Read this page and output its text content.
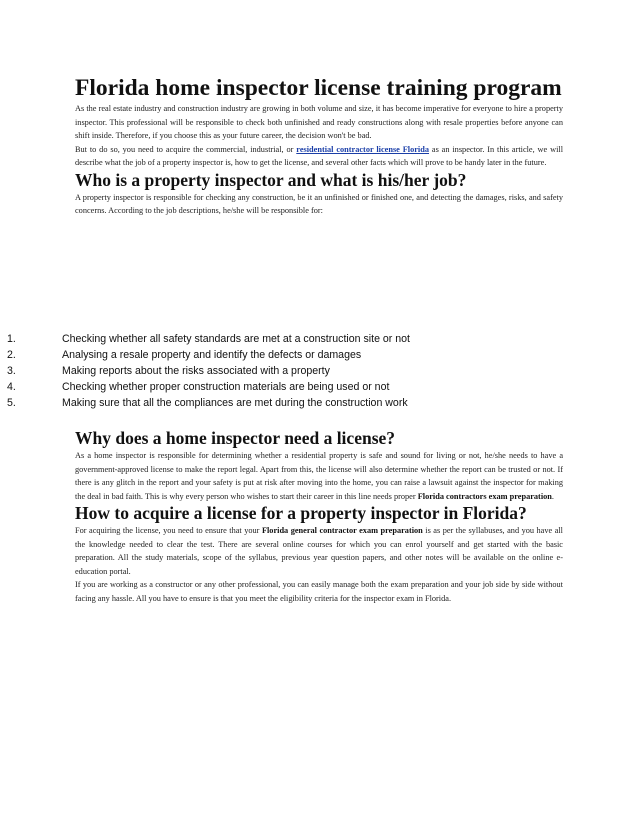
Florida home inspector license training program

As the real estate industry and construction industry are growing in both volume and size, it has become imperative for everyone to hire a property inspector. This professional will be responsible to check both unfinished and ready constructions along with resale properties before anyone can shift inside. Therefore, if you choose this as your future career, the decision won't be bad.

But to do so, you need to acquire the commercial, industrial, or residential contractor license Florida as an inspector. In this article, we will describe what the job of a property inspector is, how to get the license, and several other facts which will prove to be handy later in the future.

Who is a property inspector and what is his/her job?

A property inspector is responsible for checking any construction, be it an unfinished or finished one, and detecting the damages, risks, and safety concerns. According to the job descriptions, he/she will be responsible for:

1.	Checking whether all safety standards are met at a construction site or not
2.	Analysing a resale property and identify the defects or damages
3.	Making reports about the risks associated with a property
4.	Checking whether proper construction materials are being used or not
5.	Making sure that all the compliances are met during the construction work
Why does a home inspector need a license?

As a home inspector is responsible for determining whether a residential property is safe and sound for living or not, he/she needs to have a government-approved license to make the report legal. Apart from this, the license will also determine whether the report can be trusted or not. If there is any glitch in the report and your safety is put at risk after moving into the home, you can raise a lawsuit against the inspector for making the deal in bad faith. This is why every person who wishes to start their career in this line needs proper Florida contractors exam preparation.

How to acquire a license for a property inspector in Florida?

For acquiring the license, you need to ensure that your Florida general contractor exam preparation is as per the syllabuses, and you have all the knowledge needed to clear the test. There are several online courses for which you can enrol yourself and get started with the basic preparation. All the study materials, scope of the syllabus, previous year question papers, and other notes will be available on the online e-education portal.

If you are working as a constructor or any other professional, you can easily manage both the exam preparation and your job side by side without facing any hassle. All you have to ensure is that you meet the eligibility criteria for the inspector exam in Florida.
